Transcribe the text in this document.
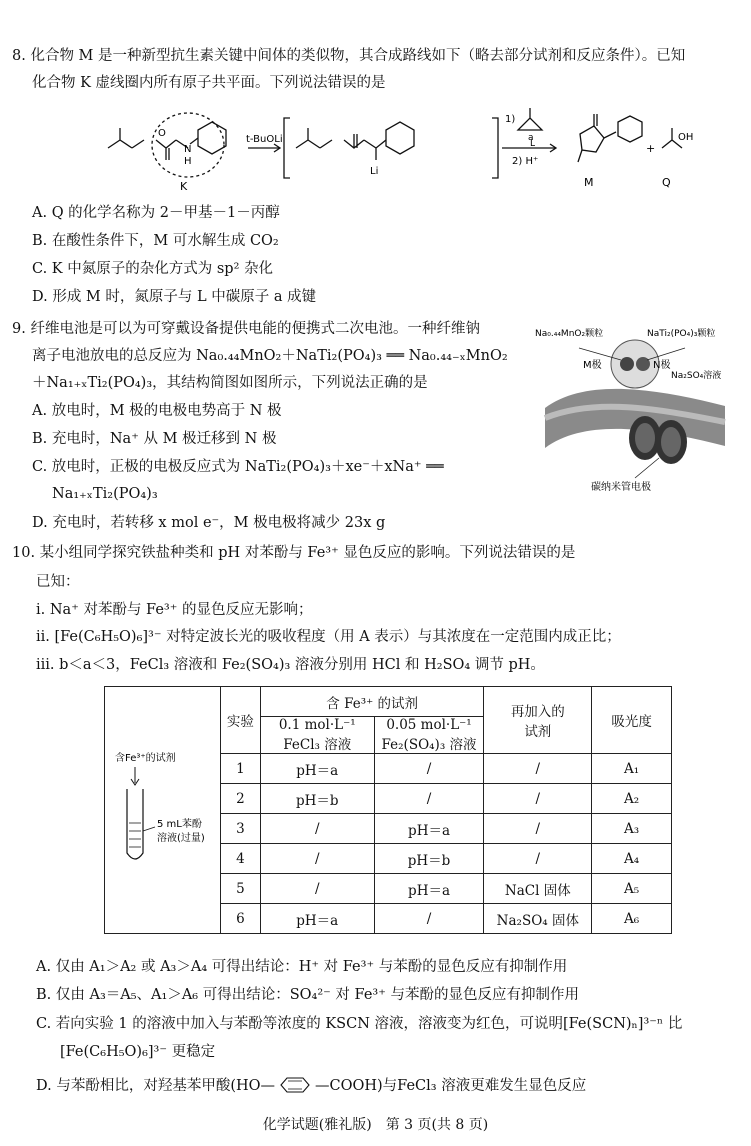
8. 化合物 M 是一种新型抗生素关键中间体的类似物，其合成路线如下（略去部分试剂和反应条件）。已知
化合物 K 虚线圈内所有原子共平面。下列说法错误的是
O
N
H
K
t-BuOLi
Li
1)
a
L
2) H⁺
M
+
OH
Q
A. Q 的化学名称为 2－甲基－1－丙醇
B. 在酸性条件下，M 可水解生成 CO₂
C. K 中氮原子的杂化方式为 sp² 杂化
D. 形成 M 时，氮原子与 L 中碳原子 a 成键
9. 纤维电池是可以为可穿戴设备提供电能的便携式二次电池。一种纤维钠
离子电池放电的总反应为 Na₀.₄₄MnO₂＋NaTi₂(PO₄)₃ ══ Na₀.₄₄₋ₓMnO₂
＋Na₁₊ₓTi₂(PO₄)₃，其结构简图如图所示，下列说法正确的是
A. 放电时，M 极的电极电势高于 N 极
B. 充电时，Na⁺ 从 M 极迁移到 N 极
C. 放电时，正极的电极反应式为 NaTi₂(PO₄)₃＋xe⁻＋xNa⁺ ══
Na₁₊ₓTi₂(PO₄)₃
D. 充电时，若转移 x mol e⁻，M 极电极将减少 23x g
Na₀.₄₄MnO₂颗粒	NaTi₂(PO₄)₃颗粒
M极	N极
Na₂SO₄溶液
碳纳米管电极
10. 某小组同学探究铁盐种类和 pH 对苯酚与 Fe³⁺ 显色反应的影响。下列说法错误的是
已知：
ⅰ. Na⁺ 对苯酚与 Fe³⁺ 的显色反应无影响；
ⅱ. [Fe(C₆H₅O)₆]³⁻ 对特定波长光的吸收程度（用 A 表示）与其浓度在一定范围内成正比；
ⅲ. b＜a＜3，FeCl₃ 溶液和 Fe₂(SO₄)₃ 溶液分别用 HCl 和 H₂SO₄ 调节 pH。
含Fe³⁺的试剂
5 mL苯酚
溶液(过量)	实验	含 Fe³⁺ 的试剂		再加入的
试剂	吸光度
		0.1 mol·L⁻¹
FeCl₃ 溶液	0.05 mol·L⁻¹
Fe₂(SO₄)₃ 溶液		

	1	pH＝a	/	/	A₁
	2	pH＝b	/	/	A₂
	3	/	pH＝a	/	A₃
	4	/	pH＝b	/	A₄
	5	/	pH＝a	NaCl 固体	A₅
	6	pH＝a	/	Na₂SO₄ 固体	A₆
A. 仅由 A₁＞A₂ 或 A₃＞A₄ 可得出结论：H⁺ 对 Fe³⁺ 与苯酚的显色反应有抑制作用
B. 仅由 A₃＝A₅、A₁＞A₆ 可得出结论：SO₄²⁻ 对 Fe³⁺ 与苯酚的显色反应有抑制作用
C. 若向实验 1 的溶液中加入与苯酚等浓度的 KSCN 溶液，溶液变为红色，可说明[Fe(SCN)ₙ]³⁻ⁿ 比
[Fe(C₆H₅O)₆]³⁻ 更稳定
D. 与苯酚相比，对羟基苯甲酸(HO—	—COOH)与FeCl₃ 溶液更难发生显色反应
化学试题(雅礼版)　第 3 页(共 8 页)
